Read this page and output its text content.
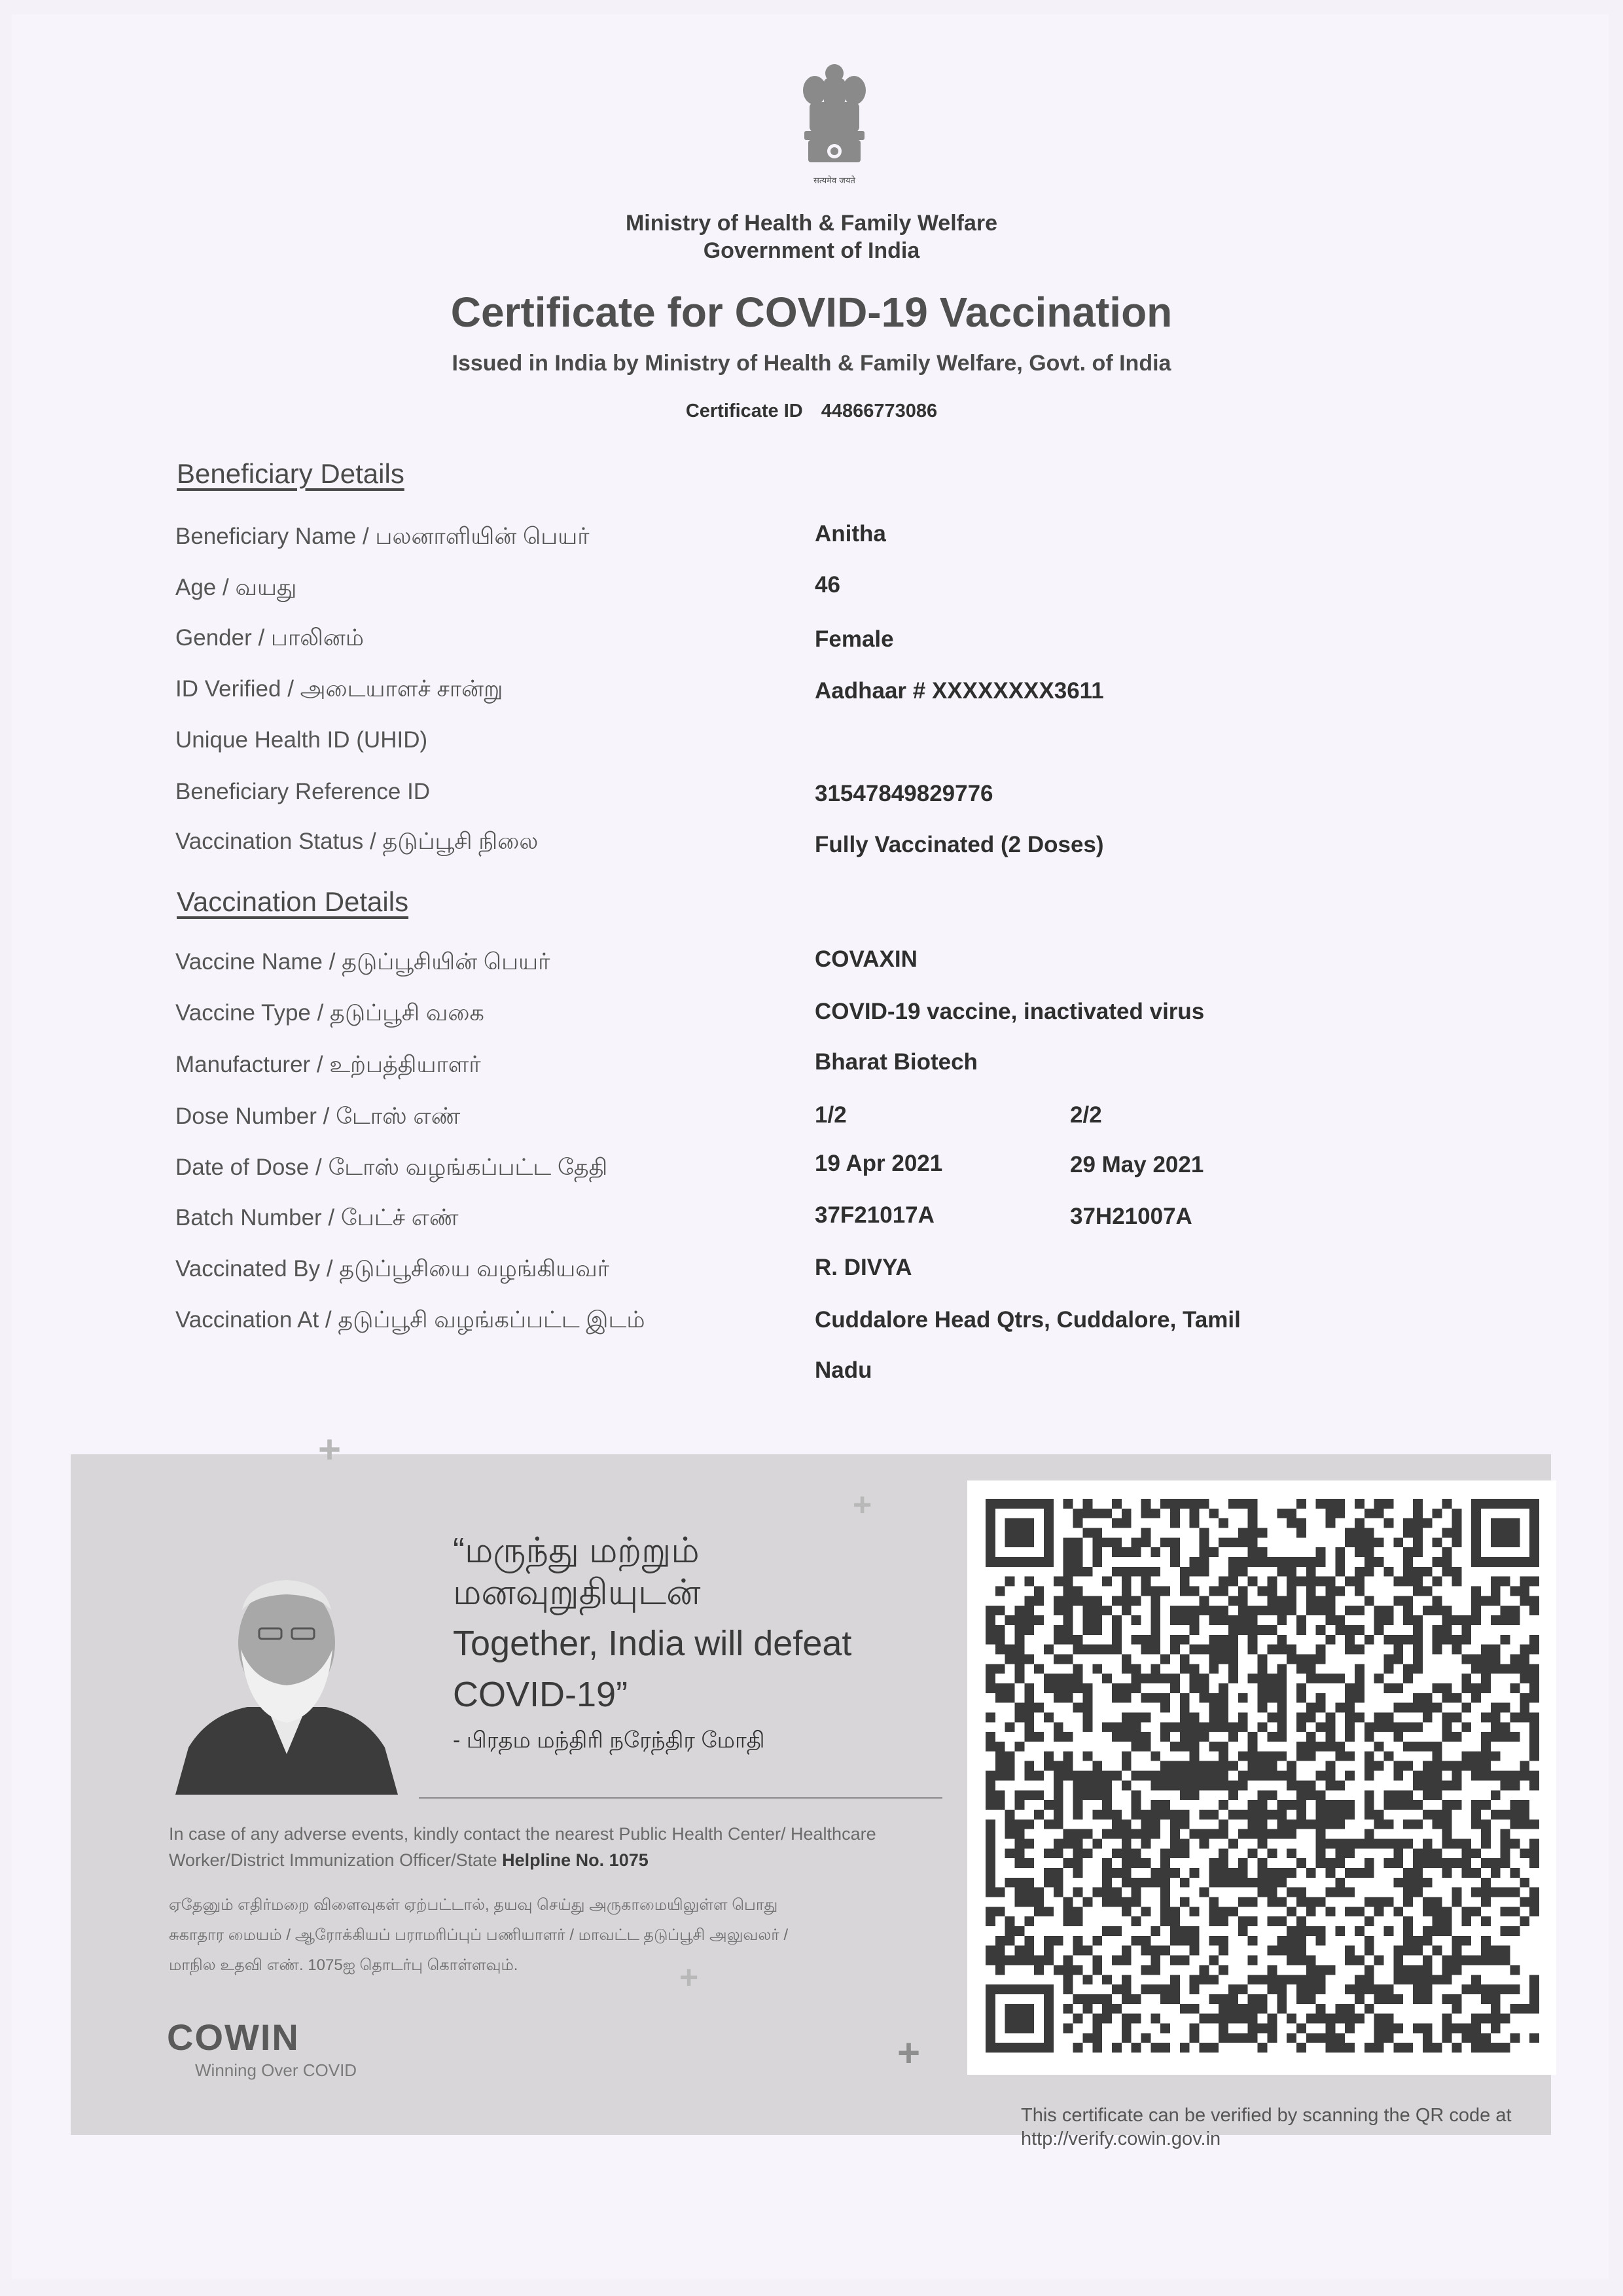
सत्यमेव जयते
Ministry of Health & Family Welfare
Government of India
Certificate for COVID-19 Vaccination
Issued in India by Ministry of Health & Family Welfare, Govt. of India
Certificate ID 44866773086
Beneficiary Details
Beneficiary Name / பலனாளியின் பெயர்	Anitha
Age / வயது	46
Gender / பாலினம்	Female
ID Verified / அடையாளச் சான்று	Aadhaar # XXXXXXXX3611
Unique Health ID (UHID)
Beneficiary Reference ID	31547849829776
Vaccination Status / தடுப்பூசி நிலை	Fully Vaccinated (2 Doses)
Vaccination Details
Vaccine Name / தடுப்பூசியின் பெயர்	COVAXIN
Vaccine Type / தடுப்பூசி வகை	COVID-19 vaccine, inactivated virus
Manufacturer / உற்பத்தியாளர்	Bharat Biotech
Dose Number / டோஸ் எண்	1/2	2/2
Date of Dose / டோஸ் வழங்கப்பட்ட தேதி	19 Apr 2021	29 May 2021
Batch Number / பேட்ச் எண்	37F21017A	37H21007A
Vaccinated By / தடுப்பூசியை வழங்கியவர்	R. DIVYA
Vaccination At / தடுப்பூசி வழங்கப்பட்ட இடம்	Cuddalore Head Qtrs, Cuddalore, Tamil
Nadu
+
+
+
+
“மருந்து மற்றும்
மனவுறுதியுடன்
Together, India will defeat
COVID-19”
- பிரதம மந்திரி நரேந்திர மோதி
In case of any adverse events, kindly contact the nearest Public Health Center/ Healthcare Worker/District Immunization Officer/State Helpline No. 1075
ஏதேனும் எதிர்மறை விளைவுகள் ஏற்பட்டால், தயவு செய்து அருகாமையிலுள்ள பொது
சுகாதார மையம் / ஆரோக்கியப் பராமரிப்புப் பணியாளர் / மாவட்ட தடுப்பூசி அலுவலர் /
மாநில உதவி எண். 1075ஐ தொடர்பு கொள்ளவும்.
COWIN
Winning Over COVID
This certificate can be verified by scanning the QR code at
http://verify.cowin.gov.in
